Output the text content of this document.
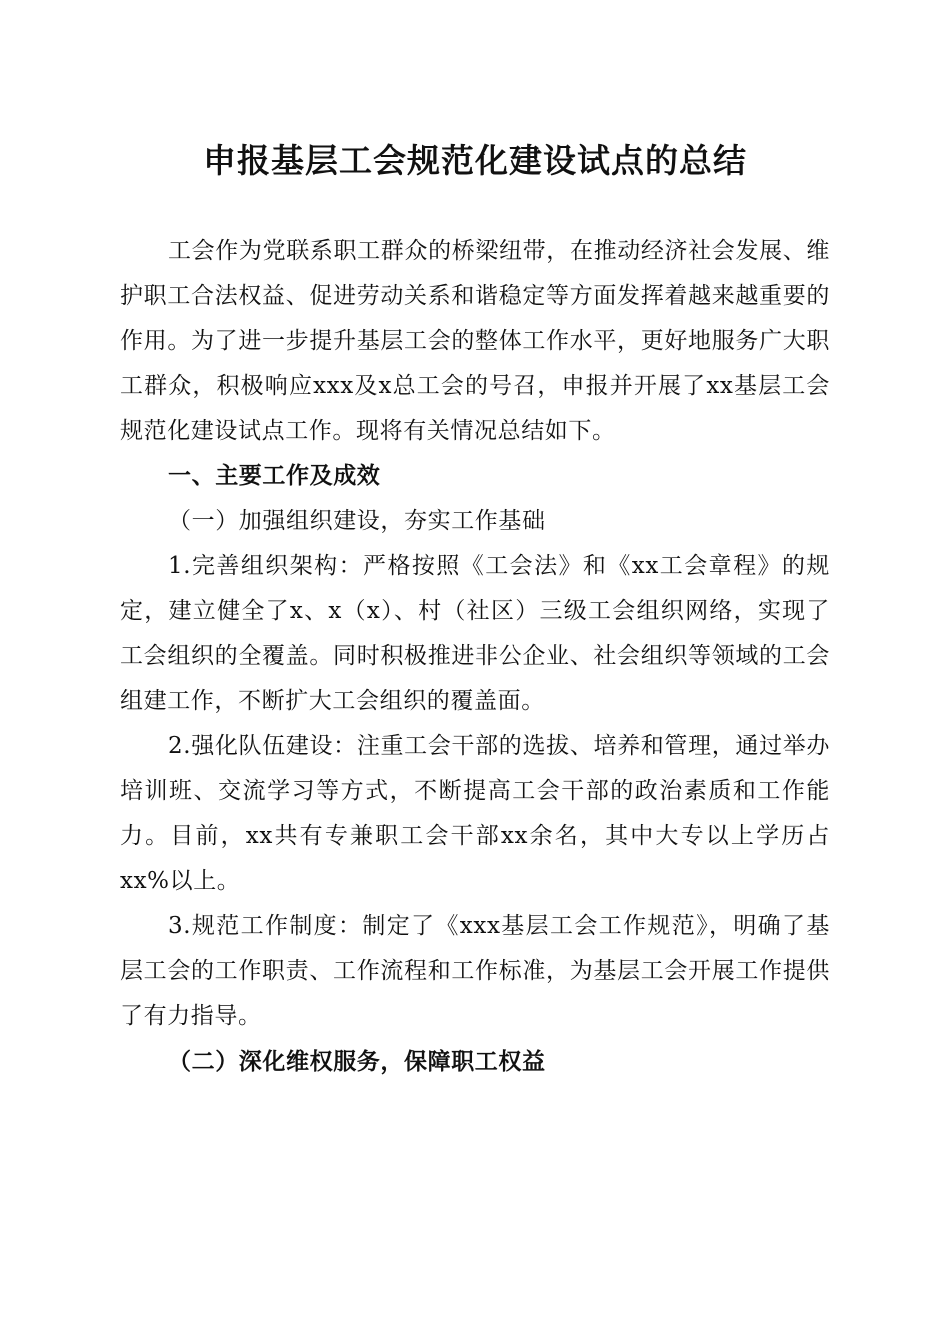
申报基层工会规范化建设试点的总结

工会作为党联系职工群众的桥梁纽带，在推动经济社会发展、维护职工合法权益、促进劳动关系和谐稳定等方面发挥着越来越重要的作用。为了进一步提升基层工会的整体工作水平，更好地服务广大职工群众，积极响应xxx及x总工会的号召，申报并开展了xx基层工会规范化建设试点工作。现将有关情况总结如下。

一、主要工作及成效

（一）加强组织建设，夯实工作基础

1.完善组织架构：严格按照《工会法》和《xx工会章程》的规定，建立健全了x、x（x）、村（社区）三级工会组织网络，实现了工会组织的全覆盖。同时积极推进非公企业、社会组织等领域的工会组建工作，不断扩大工会组织的覆盖面。

2.强化队伍建设：注重工会干部的选拔、培养和管理，通过举办培训班、交流学习等方式，不断提高工会干部的政治素质和工作能力。目前，xx共有专兼职工会干部xx余名，其中大专以上学历占xx%以上。

3.规范工作制度：制定了《xxx基层工会工作规范》，明确了基层工会的工作职责、工作流程和工作标准，为基层工会开展工作提供了有力指导。

（二）深化维权服务，保障职工权益
